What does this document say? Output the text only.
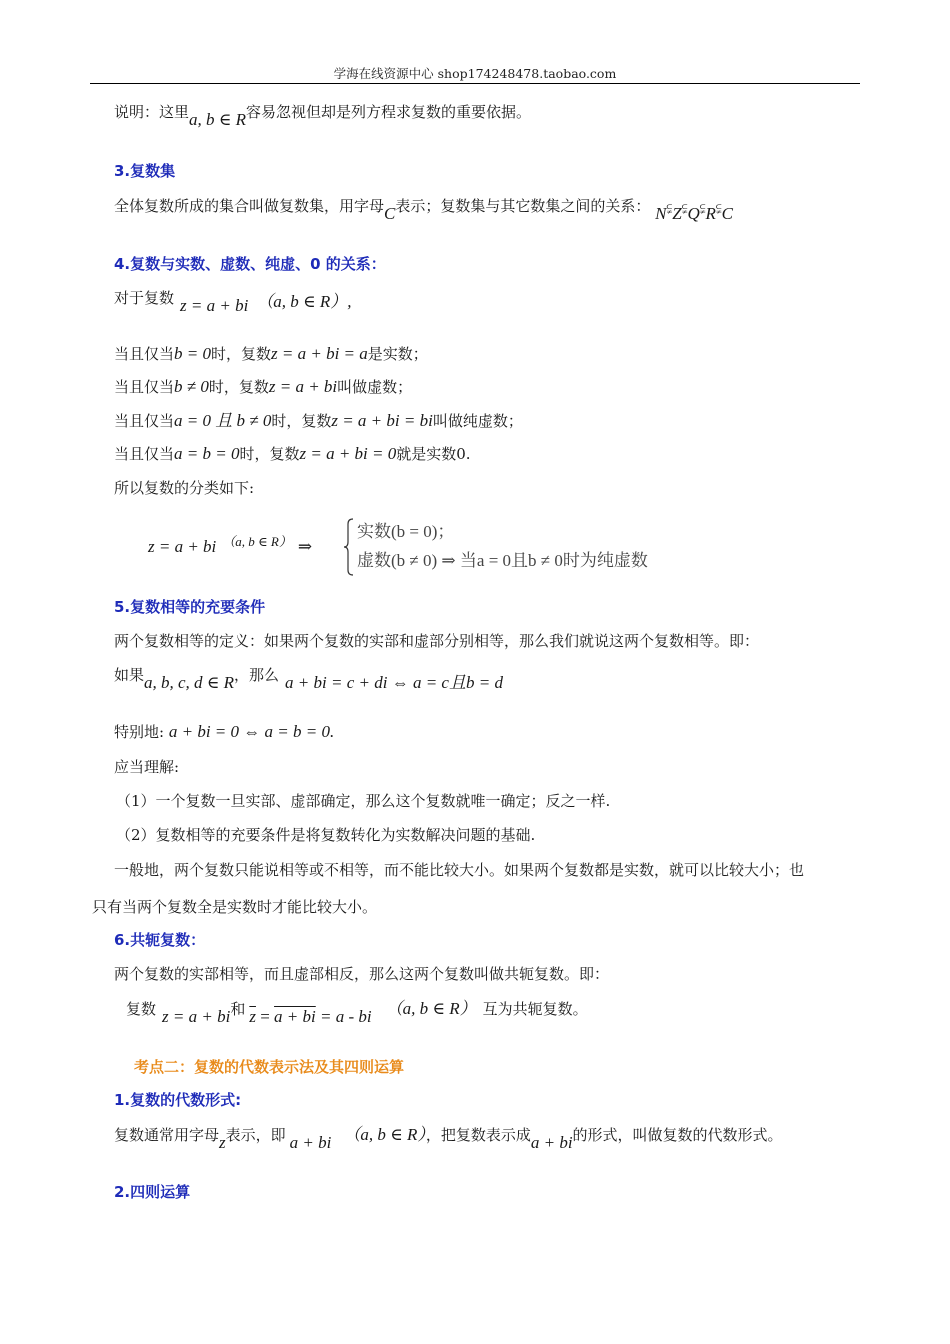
学海在线资源中心 shop174248478.taobao.com
说明：这里a, b ∈ R容易忽视但却是列方程求复数的重要依据。
3.复数集
全体复数所成的集合叫做复数集，用字母C表示；复数集与其它数集之间的关系： N⫋Z⫋Q⫋R⫋C
4.复数与实数、虚数、纯虚、0 的关系：
对于复数 z = a + bi （a, b ∈ R）,
当且仅当b = 0时，复数z = a + bi = a是实数；
当且仅当b ≠ 0时，复数z = a + bi叫做虚数；
当且仅当a = 0 且 b ≠ 0时，复数z = a + bi = bi叫做纯虚数；
当且仅当a = b = 0时，复数z = a + bi = 0就是实数0.
所以复数的分类如下:
z = a + bi （a, b ∈ R） ⇒
实数(b = 0)；
虚数(b ≠ 0) ⇒ 当a = 0且b ≠ 0时为纯虚数
5.复数相等的充要条件
两个复数相等的定义：如果两个复数的实部和虚部分别相等，那么我们就说这两个复数相等。即：
如果a, b, c, d ∈ R，那么 a + bi = c + di ⇔ a = c且b = d
特别地: a + bi = 0 ⇔ a = b = 0.
应当理解:
（1）一个复数一旦实部、虚部确定，那么这个复数就唯一确定；反之一样.
（2）复数相等的充要条件是将复数转化为实数解决问题的基础.
一般地，两个复数只能说相等或不相等，而不能比较大小。如果两个复数都是实数，就可以比较大小；也
只有当两个复数全是实数时才能比较大小。
6.共轭复数：
两个复数的实部相等，而且虚部相反，那么这两个复数叫做共轭复数。即：
复数 z = a + bi和 $\overline{z} = a$ + bi = a - bi （a, b ∈ R） 互为共轭复数。
考点二：复数的代数表示法及其四则运算
1.复数的代数形式:
复数通常用字母z表示，即 a + bi （a, b ∈ R），把复数表示成a + bi的形式，叫做复数的代数形式。
2.四则运算
